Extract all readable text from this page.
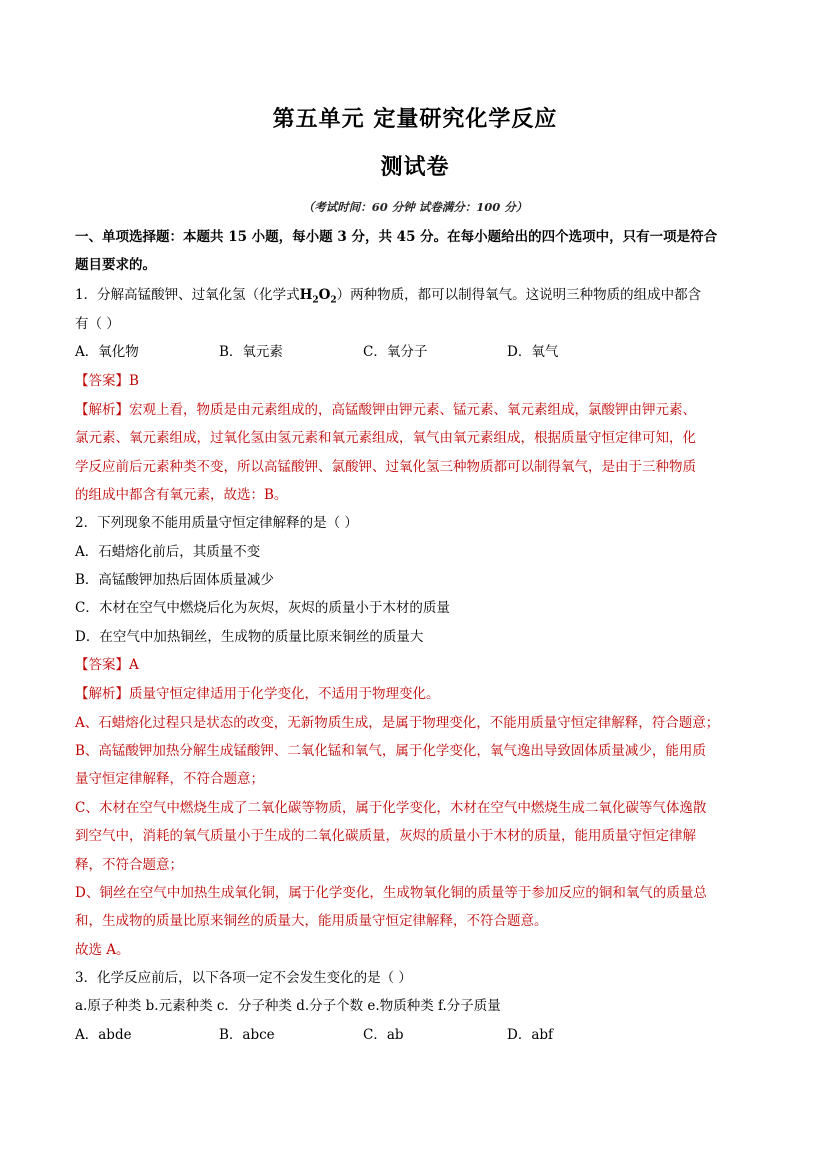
第五单元 定量研究化学反应
测试卷
（考试时间：60 分钟 试卷满分：100 分）
一、单项选择题：本题共 15 小题，每小题 3 分，共 45 分。在每小题给出的四个选项中，只有一项是符合
题目要求的。
1．分解高锰酸钾、过氧化氢（化学式$H_2O_2$）两种物质，都可以制得氧气。这说明三种物质的组成中都含
有（ ）
A．氧化物	B．氧元素	C．氧分子	D．氧气
【答案】B
【解析】宏观上看，物质是由元素组成的，高锰酸钾由钾元素、锰元素、氧元素组成，氯酸钾由钾元素、
氯元素、氧元素组成，过氧化氢由氢元素和氧元素组成，氧气由氧元素组成，根据质量守恒定律可知，化
学反应前后元素种类不变，所以高锰酸钾、氯酸钾、过氧化氢三种物质都可以制得氧气，是由于三种物质
的组成中都含有氧元素，故选：B。
2．下列现象不能用质量守恒定律解释的是（ ）
A．石蜡熔化前后，其质量不变
B．高锰酸钾加热后固体质量减少
C．木材在空气中燃烧后化为灰烬，灰烬的质量小于木材的质量
D．在空气中加热铜丝，生成物的质量比原来铜丝的质量大
【答案】A
【解析】质量守恒定律适用于化学变化，不适用于物理变化。
A、石蜡熔化过程只是状态的改变，无新物质生成，是属于物理变化，不能用质量守恒定律解释，符合题意；
B、高锰酸钾加热分解生成锰酸钾、二氧化锰和氧气，属于化学变化，氧气逸出导致固体质量减少，能用质
量守恒定律解释，不符合题意；
C、木材在空气中燃烧生成了二氧化碳等物质，属于化学变化，木材在空气中燃烧生成二氧化碳等气体逸散
到空气中，消耗的氧气质量小于生成的二氧化碳质量，灰烬的质量小于木材的质量，能用质量守恒定律解
释，不符合题意；
D、铜丝在空气中加热生成氧化铜，属于化学变化，生成物氧化铜的质量等于参加反应的铜和氧气的质量总
和，生成物的质量比原来铜丝的质量大，能用质量守恒定律解释，不符合题意。
故选 A。
3．化学反应前后，以下各项一定不会发生变化的是（ ）
a.原子种类 b.元素种类 c．分子种类 d.分子个数 e.物质种类 f.分子质量
A．abde	B．abce	C．ab	D．abf
